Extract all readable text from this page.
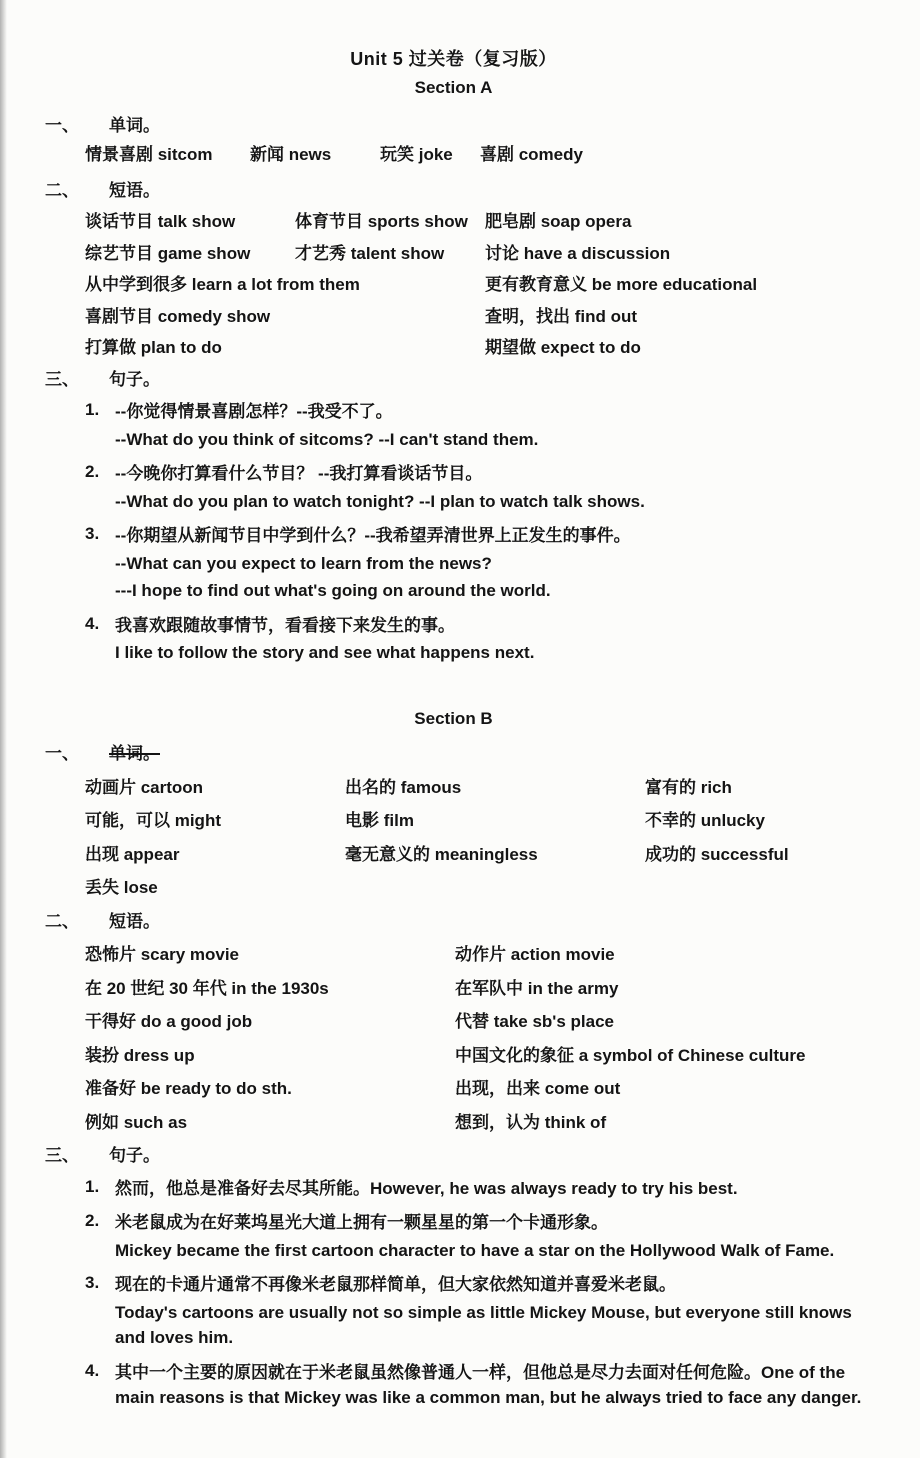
Unit 5 过关卷（复习版）
Section A
一、	单词。
情景喜剧 sitcom	新闻 news	玩笑 joke	喜剧 comedy
二、	短语。
谈话节目 talk show	体育节目 sports show	肥皂剧 soap opera
综艺节目 game show	才艺秀 talent show	讨论 have a discussion
从中学到很多 learn a lot from them	更有教育意义 be more educational
喜剧节目 comedy show	查明，找出 find out
打算做 plan to do	期望做 expect to do
三、	句子。
1. --你觉得情景喜剧怎样？--我受不了。
--What do you think of sitcoms? --I can't stand them.
2. --今晚你打算看什么节目？ --我打算看谈话节目。
--What do you plan to watch tonight? --I plan to watch talk shows.
3. --你期望从新闻节目中学到什么？--我希望弄清世界上正发生的事件。
--What can you expect to learn from the news?
---I hope to find out what's going on around the world.
4. 我喜欢跟随故事情节，看看接下来发生的事。
I like to follow the story and see what happens next.
Section B
一、 单词。
动画片 cartoon	出名的 famous	富有的 rich
可能，可以 might	电影 film	不幸的 unlucky
出现 appear	毫无意义的 meaningless	成功的 successful
丢失 lose
二、	短语。
恐怖片 scary movie	动作片 action movie
在 20 世纪 30 年代 in the 1930s	在军队中 in the army
干得好 do a good job	代替 take sb's place
装扮 dress up	中国文化的象征 a symbol of Chinese culture
准备好 be ready to do sth.	出现，出来 come out
例如 such as	想到，认为 think of
三、	句子。
1. 然而，他总是准备好去尽其所能。However, he was always ready to try his best.
2. 米老鼠成为在好莱坞星光大道上拥有一颗星星的第一个卡通形象。
Mickey became the first cartoon character to have a star on the Hollywood Walk of Fame.
3. 现在的卡通片通常不再像米老鼠那样简单，但大家依然知道并喜爱米老鼠。
Today's cartoons are usually not so simple as little Mickey Mouse, but everyone still knows and loves him.
4. 其中一个主要的原因就在于米老鼠虽然像普通人一样，但他总是尽力去面对任何危险。One of the main reasons is that Mickey was like a common man, but he always tried to face any danger.
